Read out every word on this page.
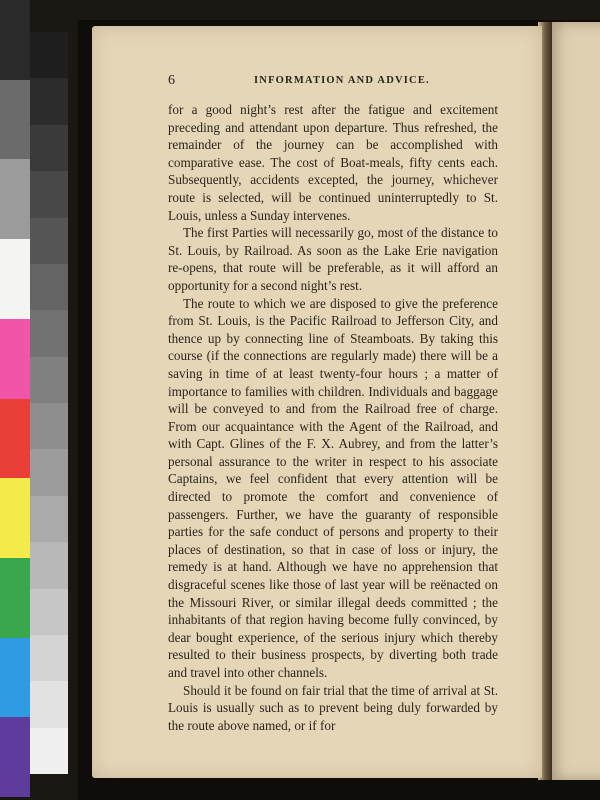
6	INFORMATION AND ADVICE.

for a good night’s rest after the fatigue and excitement preceding and attendant upon departure. Thus refreshed, the remainder of the journey can be accomplished with comparative ease. The cost of Boat-meals, fifty cents each. Subsequently, accidents excepted, the journey, whichever route is selected, will be continued uninterruptedly to St. Louis, unless a Sunday intervenes.

The first Parties will necessarily go, most of the distance to St. Louis, by Railroad. As soon as the Lake Erie navigation re-opens, that route will be preferable, as it will afford an opportunity for a second night’s rest.

The route to which we are disposed to give the preference from St. Louis, is the Pacific Railroad to Jefferson City, and thence up by connecting line of Steamboats. By taking this course (if the connections are regularly made) there will be a saving in time of at least twenty-four hours ; a matter of importance to families with children. Individuals and baggage will be conveyed to and from the Railroad free of charge. From our acquaintance with the Agent of the Railroad, and with Capt. Glines of the F. X. Aubrey, and from the latter’s personal assurance to the writer in respect to his associate Captains, we feel confident that every attention will be directed to promote the comfort and convenience of passengers. Further, we have the guaranty of responsible parties for the safe conduct of persons and property to their places of destination, so that in case of loss or injury, the remedy is at hand. Although we have no apprehension that disgraceful scenes like those of last year will be reënacted on the Missouri River, or similar illegal deeds committed ; the inhabitants of that region having become fully convinced, by dear bought experience, of the serious injury which thereby resulted to their business prospects, by diverting both trade and travel into other channels.

Should it be found on fair trial that the time of arrival at St. Louis is usually such as to prevent being duly forwarded by the route above named, or if for
